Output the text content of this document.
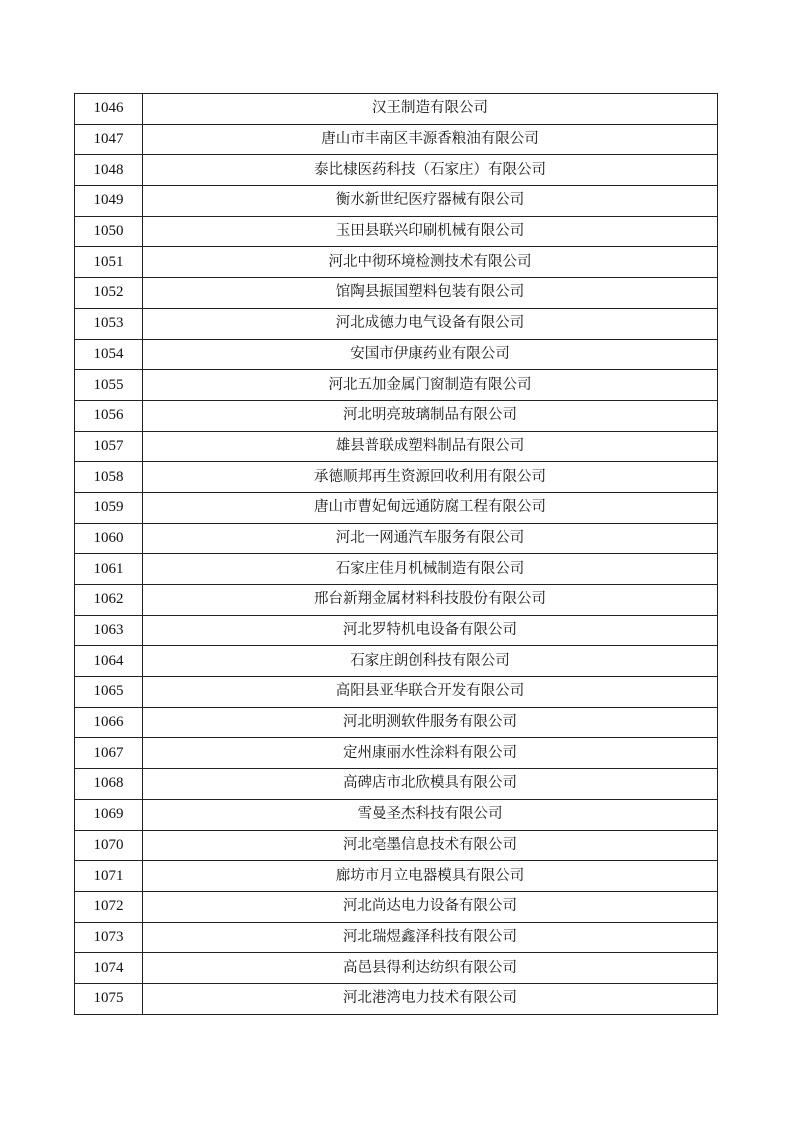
1046	汉王制造有限公司
1047	唐山市丰南区丰源香粮油有限公司
1048	泰比棣医药科技（石家庄）有限公司
1049	衡水新世纪医疗器械有限公司
1050	玉田县联兴印刷机械有限公司
1051	河北中彻环境检测技术有限公司
1052	馆陶县振国塑料包装有限公司
1053	河北成德力电气设备有限公司
1054	安国市伊康药业有限公司
1055	河北五加金属门窗制造有限公司
1056	河北明亮玻璃制品有限公司
1057	雄县普联成塑料制品有限公司
1058	承德顺邦再生资源回收利用有限公司
1059	唐山市曹妃甸远通防腐工程有限公司
1060	河北一网通汽车服务有限公司
1061	石家庄佳月机械制造有限公司
1062	邢台新翔金属材料科技股份有限公司
1063	河北罗特机电设备有限公司
1064	石家庄朗创科技有限公司
1065	高阳县亚华联合开发有限公司
1066	河北明测软件服务有限公司
1067	定州康丽水性涂料有限公司
1068	高碑店市北欣模具有限公司
1069	雪曼圣杰科技有限公司
1070	河北亳墨信息技术有限公司
1071	廊坊市月立电器模具有限公司
1072	河北尚达电力设备有限公司
1073	河北瑞煜鑫泽科技有限公司
1074	高邑县得利达纺织有限公司
1075	河北港湾电力技术有限公司
